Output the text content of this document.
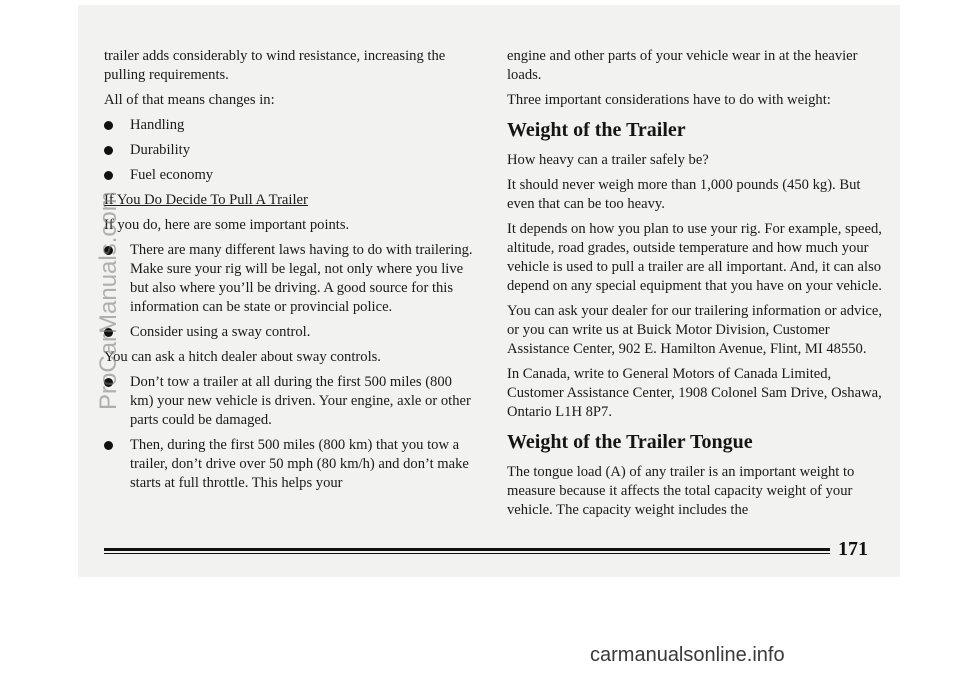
trailer adds considerably to wind resistance, increasing the pulling requirements.

All of that means changes in:

Handling
Durability
Fuel economy

If You Do Decide To Pull A Trailer

If you do, here are some important points.

There are many different laws having to do with trailering. Make sure your rig will be legal, not only where you live but also where you’ll be driving. A good source for this information can be state or provincial police.
Consider using a sway control.

You can ask a hitch dealer about sway controls.

Don’t tow a trailer at all during the first 500 miles (800 km) your new vehicle is driven. Your engine, axle or other parts could be damaged.
Then, during the first 500 miles (800 km) that you tow a trailer, don’t drive over 50 mph (80 km/h) and don’t make starts at full throttle. This helps your

engine and other parts of your vehicle wear in at the heavier loads.

Three important considerations have to do with weight:

Weight of the Trailer

How heavy can a trailer safely be?

It should never weigh more than 1,000 pounds (450 kg). But even that can be too heavy.

It depends on how you plan to use your rig. For example, speed, altitude, road grades, outside temperature and how much your vehicle is used to pull a trailer are all important. And, it can also depend on any special equipment that you have on your vehicle.

You can ask your dealer for our trailering information or advice, or you can write us at Buick Motor Division, Customer Assistance Center, 902 E. Hamilton Avenue, Flint, MI 48550.

In Canada, write to General Motors of Canada Limited, Customer Assistance Center, 1908 Colonel Sam Drive, Oshawa, Ontario L1H 8P7.

Weight of the Trailer Tongue

The tongue load (A) of any trailer is an important weight to measure because it affects the total capacity weight of your vehicle. The capacity weight includes the

171
ProCarManuals.com
carmanualsonline.info
